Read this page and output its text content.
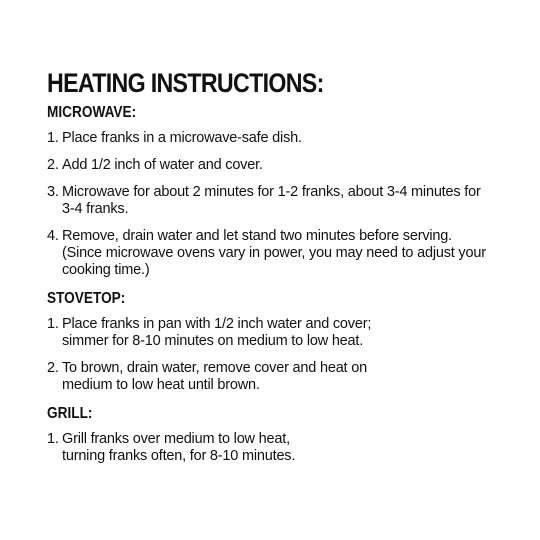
HEATING INSTRUCTIONS:
MICROWAVE:
1. Place franks in a microwave-safe dish.
2. Add 1/2 inch of water and cover.
3. Microwave for about 2 minutes for 1-2 franks, about 3-4 minutes for
3-4 franks.
4. Remove, drain water and let stand two minutes before serving.
(Since microwave ovens vary in power, you may need to adjust your
cooking time.)
STOVETOP:
1. Place franks in pan with 1/2 inch water and cover;
simmer for 8-10 minutes on medium to low heat.
2. To brown, drain water, remove cover and heat on
medium to low heat until brown.
GRILL:
1. Grill franks over medium to low heat,
turning franks often, for 8-10 minutes.
